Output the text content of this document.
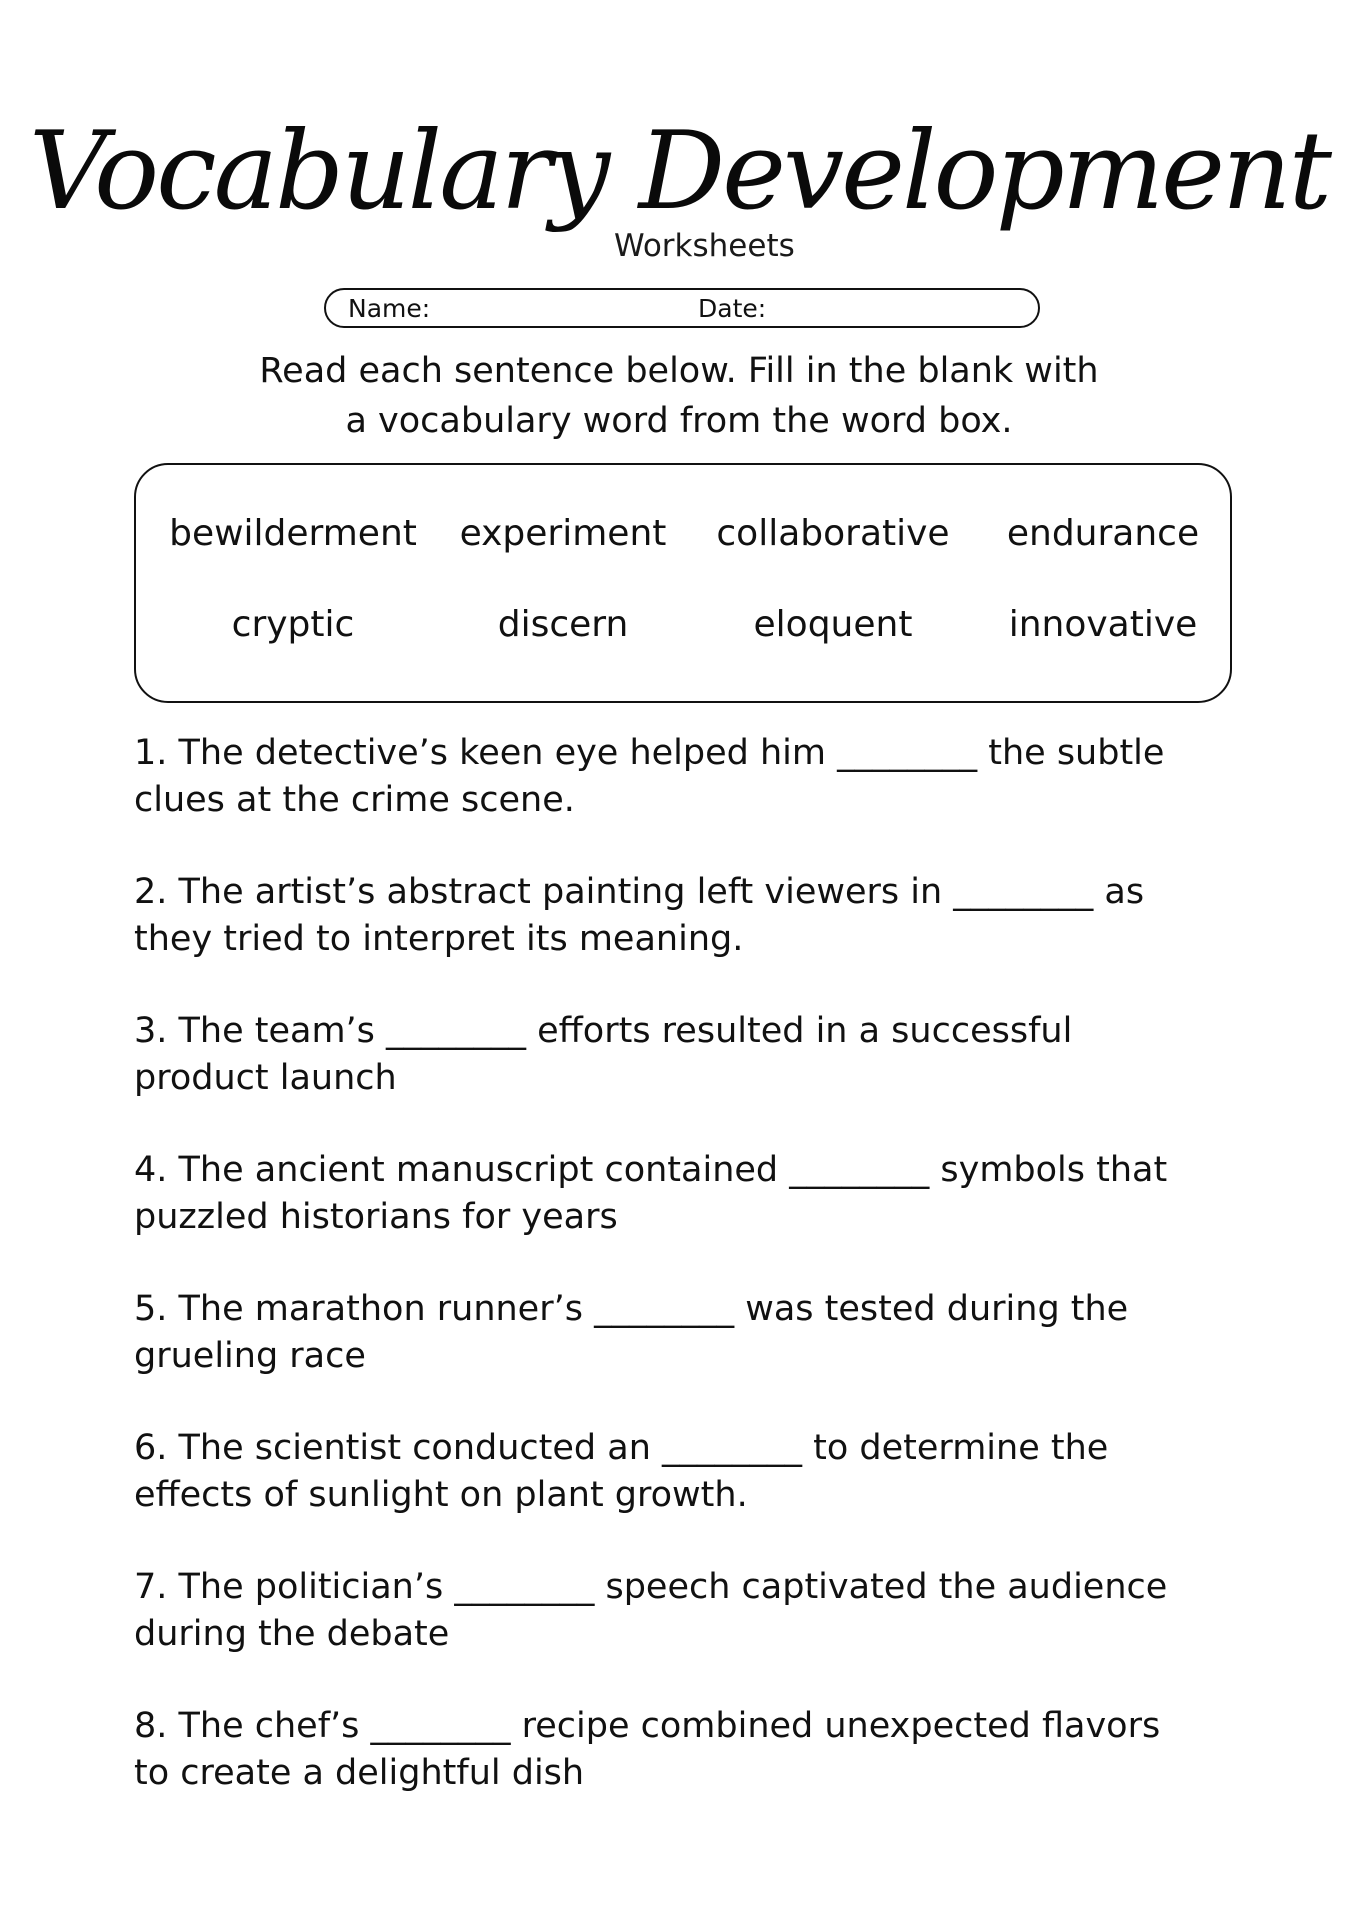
Vocabulary Development
Worksheets
Name:	Date:
Read each sentence below. Fill in the blank with
a vocabulary word from the word box.
bewilderment	experiment	collaborative	endurance
cryptic	discern	eloquent	innovative
1. The detective’s keen eye helped him ________ the subtle
clues at the crime scene.
2. The artist’s abstract painting left viewers in ________ as
they tried to interpret its meaning.
3. The team’s ________ efforts resulted in a successful
product launch
4. The ancient manuscript contained ________ symbols that
puzzled historians for years
5. The marathon runner’s ________ was tested during the
grueling race
6. The scientist conducted an ________ to determine the
effects of sunlight on plant growth.
7. The politician’s ________ speech captivated the audience
during the debate
8. The chef’s ________ recipe combined unexpected flavors
to create a delightful dish
